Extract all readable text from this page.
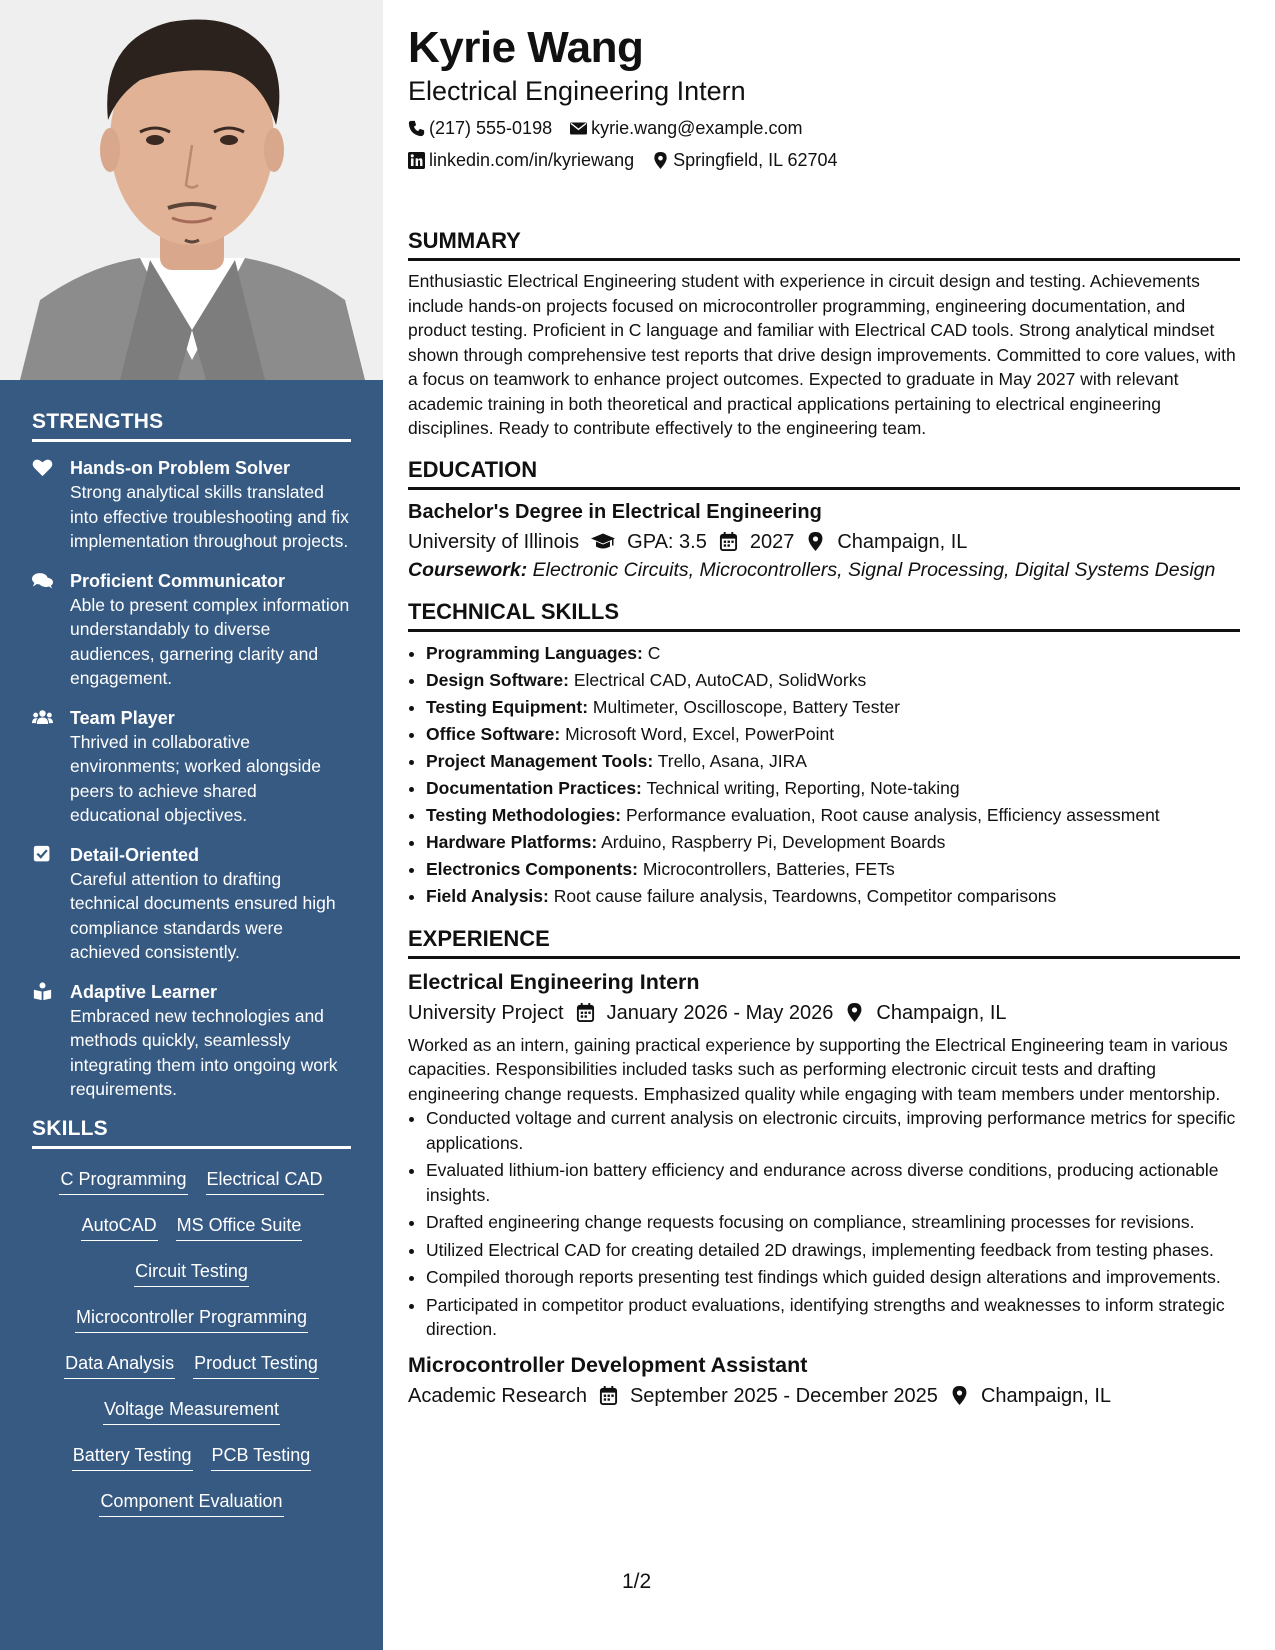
STRENGTHS
Hands-on Problem Solver
Strong analytical skills translated into effective troubleshooting and fix implementation throughout projects.
Proficient Communicator
Able to present complex information understandably to diverse audiences, garnering clarity and engagement.
Team Player
Thrived in collaborative environments; worked alongside peers to achieve shared educational objectives.
Detail-Oriented
Careful attention to drafting technical documents ensured high compliance standards were achieved consistently.
Adaptive Learner
Embraced new technologies and methods quickly, seamlessly integrating them into ongoing work requirements.
SKILLS
C Programming Electrical CAD
AutoCAD MS Office Suite
Circuit Testing
Microcontroller Programming
Data Analysis Product Testing
Voltage Measurement
Battery Testing PCB Testing
Component Evaluation
Kyrie Wang
Electrical Engineering Intern
(217) 555-0198 kyrie.wang@example.com
linkedin.com/in/kyriewang Springfield, IL 62704
SUMMARY

Enthusiastic Electrical Engineering student with experience in circuit design and testing. Achievements include hands-on projects focused on microcontroller programming, engineering documentation, and product testing. Proficient in C language and familiar with Electrical CAD tools. Strong analytical mindset shown through comprehensive test reports that drive design improvements. Committed to core values, with a focus on teamwork to enhance project outcomes. Expected to graduate in May 2027 with relevant academic training in both theoretical and practical applications pertaining to electrical engineering disciplines. Ready to contribute effectively to the engineering team.

EDUCATION
Bachelor's Degree in Electrical Engineering
University of Illinois GPA: 3.5 2027 Champaign, IL
Coursework: Electronic Circuits, Microcontrollers, Signal Processing, Digital Systems Design
TECHNICAL SKILLS
• Programming Languages: C
• Design Software: Electrical CAD, AutoCAD, SolidWorks
• Testing Equipment: Multimeter, Oscilloscope, Battery Tester
• Office Software: Microsoft Word, Excel, PowerPoint
• Project Management Tools: Trello, Asana, JIRA
• Documentation Practices: Technical writing, Reporting, Note-taking
• Testing Methodologies: Performance evaluation, Root cause analysis, Efficiency assessment
• Hardware Platforms: Arduino, Raspberry Pi, Development Boards
• Electronics Components: Microcontrollers, Batteries, FETs
• Field Analysis: Root cause failure analysis, Teardowns, Competitor comparisons
EXPERIENCE
Electrical Engineering Intern
University Project January 2026 - May 2026 Champaign, IL

Worked as an intern, gaining practical experience by supporting the Electrical Engineering team in various capacities. Responsibilities included tasks such as performing electronic circuit tests and drafting engineering change requests. Emphasized quality while engaging with team members under mentorship.

• Conducted voltage and current analysis on electronic circuits, improving performance metrics for specific applications.
• Evaluated lithium-ion battery efficiency and endurance across diverse conditions, producing actionable insights.
• Drafted engineering change requests focusing on compliance, streamlining processes for revisions.
• Utilized Electrical CAD for creating detailed 2D drawings, implementing feedback from testing phases.
• Compiled thorough reports presenting test findings which guided design alterations and improvements.
• Participated in competitor product evaluations, identifying strengths and weaknesses to inform strategic direction.
Microcontroller Development Assistant
Academic Research September 2025 - December 2025 Champaign, IL
1/2
